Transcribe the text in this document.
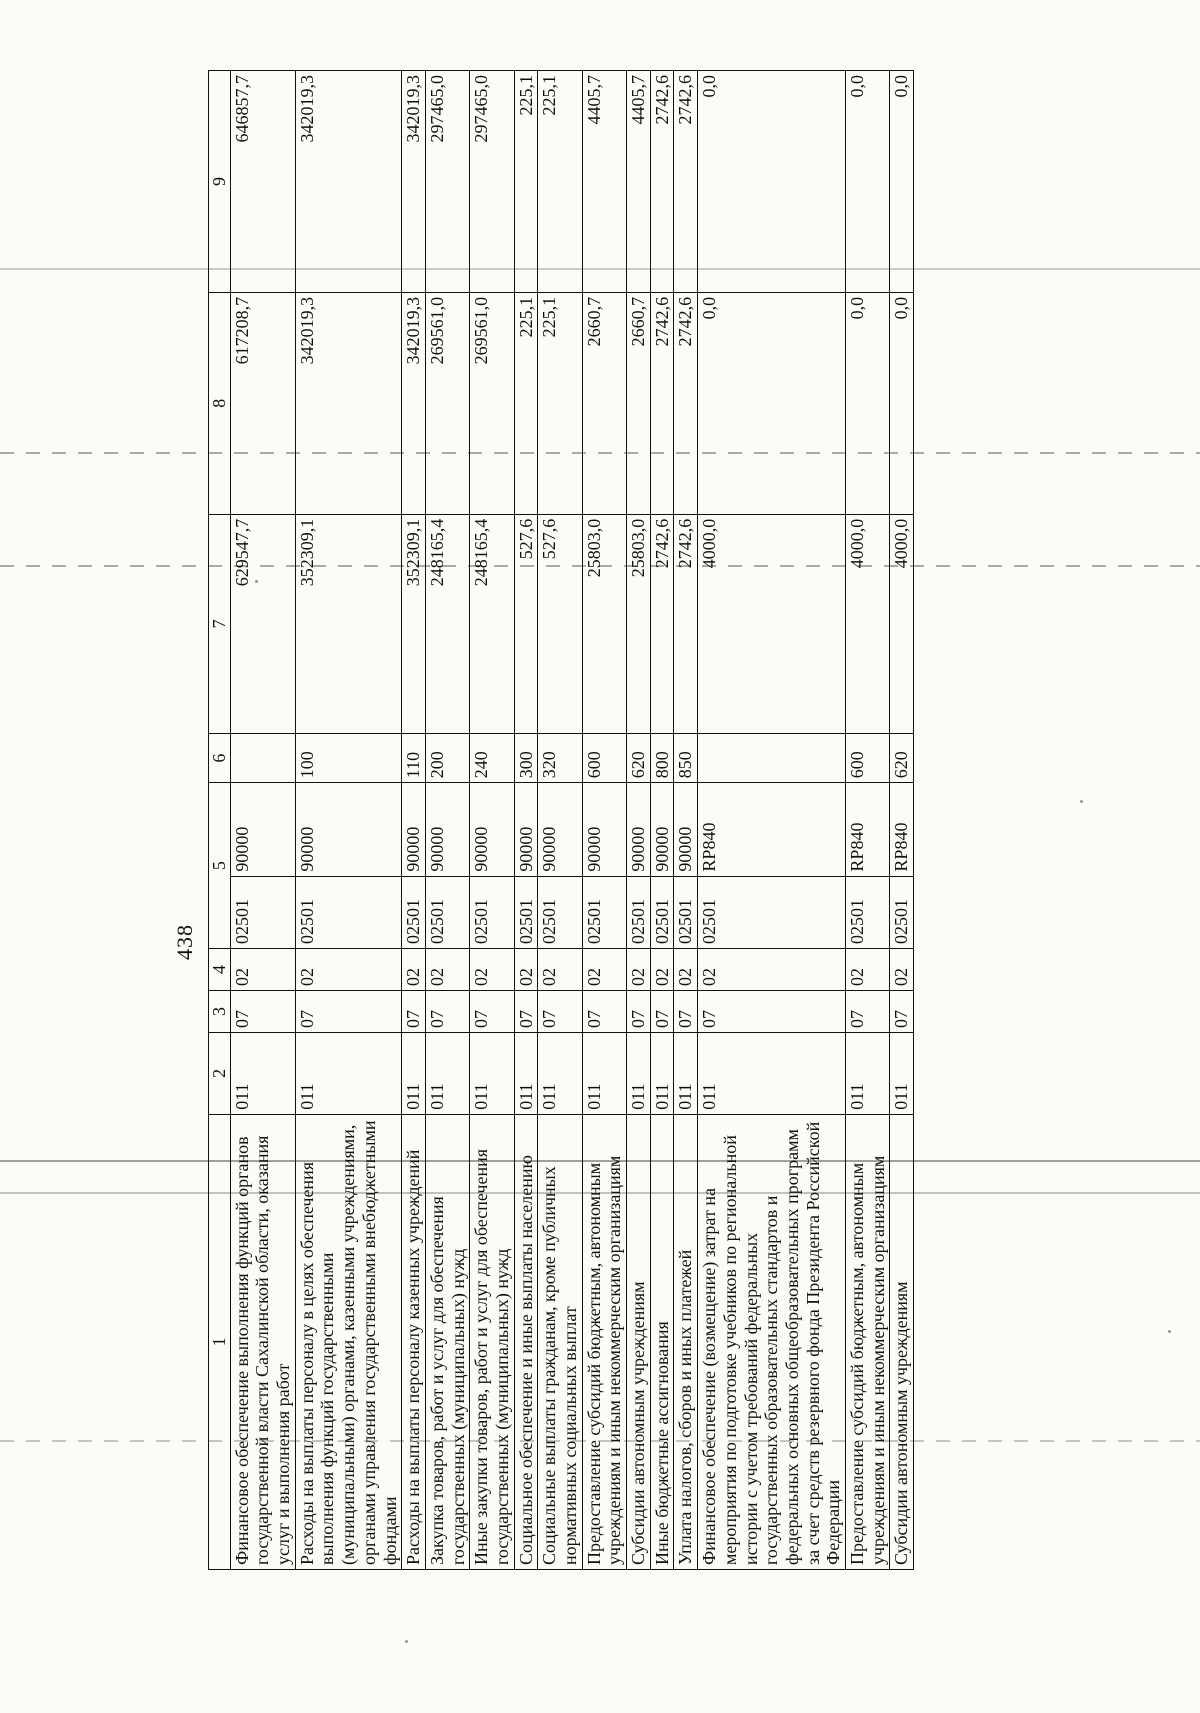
438
1	2	3	4	5		6	7	8	9
Финансовое обеспечение выполнения функций органов государственной власти Сахалинской области, оказания услуг и выполнения работ	011	07	02	02501	90000		629547,7	617208,7	646857,7
Расходы на выплаты персоналу в целях обеспечения выполнения функций государственными (муниципальными) органами, казенными учреждениями, органами управления государственными внебюджетными фондами	011	07	02	02501	90000	100	352309,1	342019,3	342019,3
Расходы на выплаты персоналу казенных учреждений	011	07	02	02501	90000	110	352309,1	342019,3	342019,3
Закупка товаров, работ и услуг для обеспечения государственных (муниципальных) нужд	011	07	02	02501	90000	200	248165,4	269561,0	297465,0
Иные закупки товаров, работ и услуг для обеспечения государственных (муниципальных) нужд	011	07	02	02501	90000	240	248165,4	269561,0	297465,0
Социальное обеспечение и иные выплаты населению	011	07	02	02501	90000	300	527,6	225,1	225,1
Социальные выплаты гражданам, кроме публичных нормативных социальных выплат	011	07	02	02501	90000	320	527,6	225,1	225,1
Предоставление субсидий бюджетным, автономным учреждениям и иным некоммерческим организациям	011	07	02	02501	90000	600	25803,0	2660,7	4405,7
Субсидии автономным учреждениям	011	07	02	02501	90000	620	25803,0	2660,7	4405,7
Иные бюджетные ассигнования	011	07	02	02501	90000	800	2742,6	2742,6	2742,6
Уплата налогов, сборов и иных платежей	011	07	02	02501	90000	850	2742,6	2742,6	2742,6
Финансовое обеспечение (возмещение) затрат на мероприятия по подготовке учебников по региональной истории с учетом требований федеральных государственных образовательных стандартов и федеральных основных общеобразовательных программ за счет средств резервного фонда Президента Российской Федерации	011	07	02	02501	RP840		4000,0	0,0	0,0
Предоставление субсидий бюджетным, автономным учреждениям и иным некоммерческим организациям	011	07	02	02501	RP840	600	4000,0	0,0	0,0
Субсидии автономным учреждениям	011	07	02	02501	RP840	620	4000,0	0,0	0,0
